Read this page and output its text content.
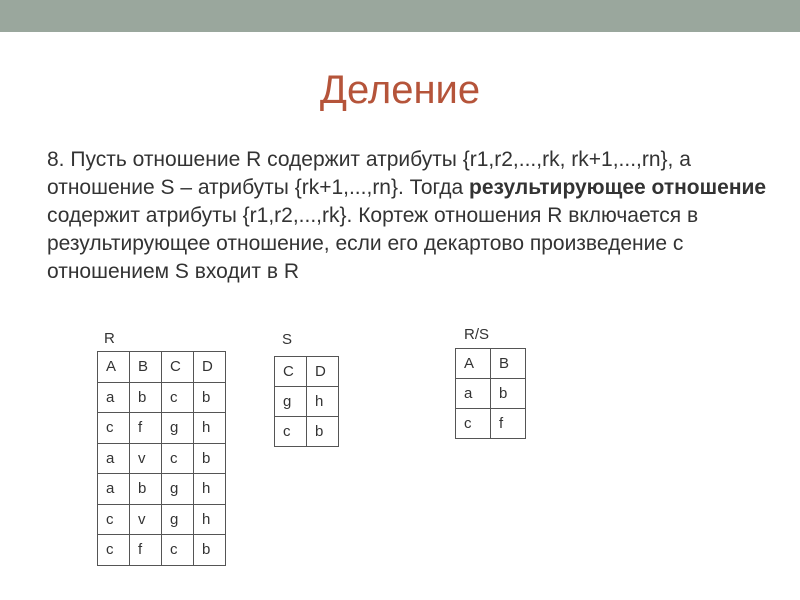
Деление
8. Пусть отношение R содержит атрибуты {r1,r2,...,rk, rk+1,...,rn}, а отношение S – атрибуты {rk+1,...,rn}. Тогда результирующее отношение содержит атрибуты {r1,r2,...,rk}. Кортеж отношения R включается в результирующее отношение, если его декартово произведение с отношением S входит в R
R
A	B	C	D
a	b	c	b
c	f	g	h
a	v	c	b
a	b	g	h
c	v	g	h
c	f	c	b
S
C	D
g	h
c	b
R/S
A	B
a	b
c	f
